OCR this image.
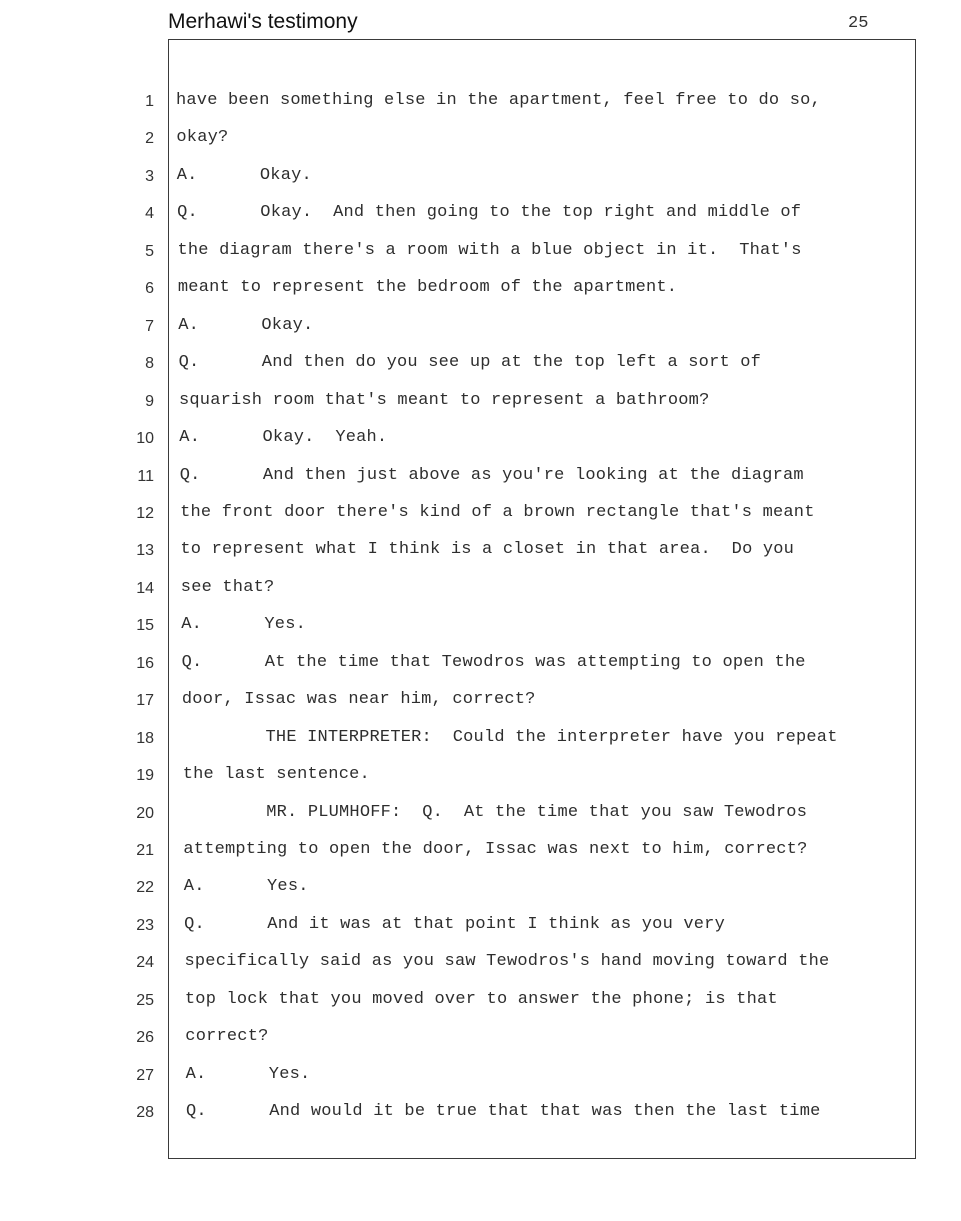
Merhawi's testimony	25
1 have been something else in the apartment, feel free to do so,
2 okay?
3 A.      Okay.
4 Q.      Okay.  And then going to the top right and middle of
5 the diagram there's a room with a blue object in it.  That's
6 meant to represent the bedroom of the apartment.
7 A.      Okay.
8 Q.      And then do you see up at the top left a sort of
9 squarish room that's meant to represent a bathroom?
10 A.      Okay.  Yeah.
11 Q.      And then just above as you're looking at the diagram
12 the front door there's kind of a brown rectangle that's meant
13 to represent what I think is a closet in that area.  Do you
14 see that?
15 A.      Yes.
16 Q.      At the time that Tewodros was attempting to open the
17 door, Issac was near him, correct?
18 THE INTERPRETER:  Could the interpreter have you repeat
19 the last sentence.
20 MR. PLUMHOFF:  Q.  At the time that you saw Tewodros
21 attempting to open the door, Issac was next to him, correct?
22 A.      Yes.
23 Q.      And it was at that point I think as you very
24 specifically said as you saw Tewodros's hand moving toward the
25 top lock that you moved over to answer the phone; is that
26 correct?
27 A.      Yes.
28 Q.      And would it be true that that was then the last time
